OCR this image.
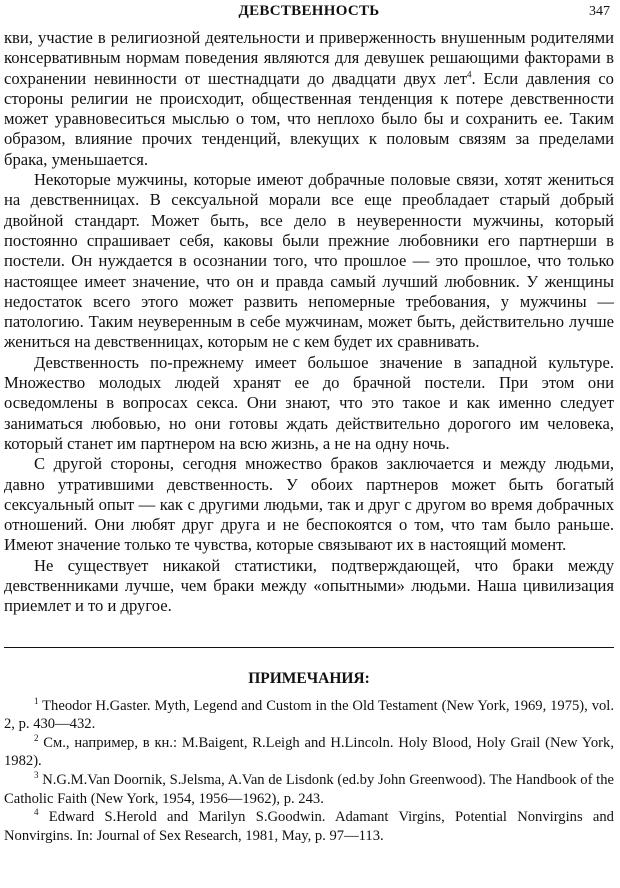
ДЕВСТВЕННОСТЬ	347

кви, участие в религиозной деятельности и приверженность внушенным родителями консервативным нормам поведения являются для девушек решающими факторами в сохранении невинности от шестнадцати до двадцати двух лет$^4$. Если давления со стороны религии не происходит, общественная тенденция к потере девственности может уравновеситься мыслью о том, что неплохо было бы и сохранить ее. Таким образом, влияние прочих тенденций, влекущих к половым связям за пределами брака, уменьшается.

Некоторые мужчины, которые имеют добрачные половые связи, хотят жениться на девственницах. В сексуальной морали все еще преобладает старый добрый двойной стандарт. Может быть, все дело в неуверенности мужчины, который постоянно спрашивает себя, каковы были прежние любовники его партнерши в постели. Он нуждается в осознании того, что прошлое — это прошлое, что только настоящее имеет значение, что он и правда самый лучший любовник. У женщины недостаток всего этого может развить непомерные требования, у мужчины — патологию. Таким неуверенным в себе мужчинам, может быть, действительно лучше жениться на девственницах, которым не с кем будет их сравнивать.

Девственность по-прежнему имеет большое значение в западной культуре. Множество молодых людей хранят ее до брачной постели. При этом они осведомлены в вопросах секса. Они знают, что это такое и как именно следует заниматься любовью, но они готовы ждать действительно дорогого им человека, который станет им партнером на всю жизнь, а не на одну ночь.

С другой стороны, сегодня множество браков заключается и между людьми, давно утратившими девственность. У обоих партнеров может быть богатый сексуальный опыт — как с другими людьми, так и друг с другом во время добрачных отношений. Они любят друг друга и не беспокоятся о том, что там было раньше. Имеют значение только те чувства, которые связывают их в настоящий момент.

Не существует никакой статистики, подтверждающей, что браки между девственниками лучше, чем браки между «опытными» людьми. Наша цивилизация приемлет и то и другое.

ПРИМЕЧАНИЯ:

$^1$ Theodor H.Gaster. Myth, Legend and Custom in the Old Testament (New York, 1969, 1975), vol. 2, p. 430—432.

$^2$ См., например, в кн.: M.Baigent, R.Leigh and H.Lincoln. Holy Blood, Holy Grail (New York, 1982).

$^3$ N.G.M.Van Doornik, S.Jelsma, A.Van de Lisdonk (ed.by John Greenwood). The Handbook of the Catholic Faith (New York, 1954, 1956—1962), p. 243.

$^4$ Edward S.Herold and Marilyn S.Goodwin. Adamant Virgins, Potential Nonvirgins and Nonvirgins. In: Journal of Sex Research, 1981, May, p. 97—113.
